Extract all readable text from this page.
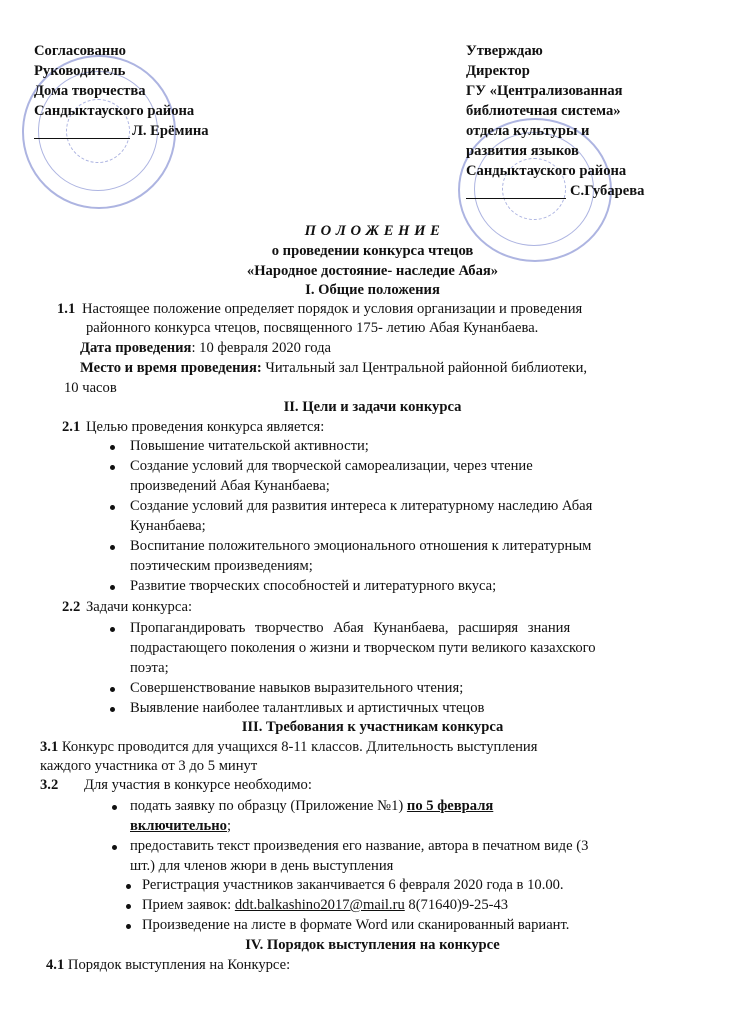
Согласованно
Руководитель
Дома творчества
Сандыктауского района
Л. Ерёмина
Утверждаю
Директор
ГУ «Централизованная
библиотечная система»
отдела культуры и
развития языков
Сандыктауского района
С.Губарева
П О Л О Ж Е Н И Е
о проведении конкурса чтецов
«Народное достояние- наследие Абая»
I. Общие положения
1.1 Настоящее положение определяет порядок и условия организации и проведения
районного конкурса чтецов, посвященного 175- летию Абая Кунанбаева.
Дата проведения: 10 февраля 2020 года
Место и время проведения: Читальный зал Центральной районной библиотеки,
10 часов
II. Цели и задачи конкурса
2.1 Целью проведения конкурса является:
Повышение читательской активности;
Создание условий для творческой самореализации, через чтение
произведений Абая Кунанбаева;
Создание условий для развития интереса к литературному наследию Абая
Кунанбаева;
Воспитание положительного эмоционального отношения к литературным
поэтическим произведениям;
Развитие творческих способностей и литературного вкуса;
2.2 Задачи конкурса:
Пропагандировать творчество Абая Кунанбаева, расширяя знания
подрастающего поколения о жизни и творческом пути великого казахского
поэта;
Совершенствование навыков выразительного чтения;
Выявление наиболее талантливых и артистичных чтецов
III. Требования к участникам конкурса
3.1 Конкурс проводится для учащихся 8-11 классов. Длительность выступления
каждого участника от 3 до 5 минут
3.2 Для участия в конкурсе необходимо:
подать заявку по образцу (Приложение №1) по 5 февраля
включительно;
предоставить текст произведения его название, автора в печатном виде (3
шт.) для членов жюри в день выступления
Регистрация участников заканчивается 6 февраля 2020 года в 10.00.
Прием заявок: ddt.balkashino2017@mail.ru 8(71640)9-25-43
Произведение на листе в формате Word или сканированный вариант.
IV. Порядок выступления на конкурсе
4.1 Порядок выступления на Конкурсе:
